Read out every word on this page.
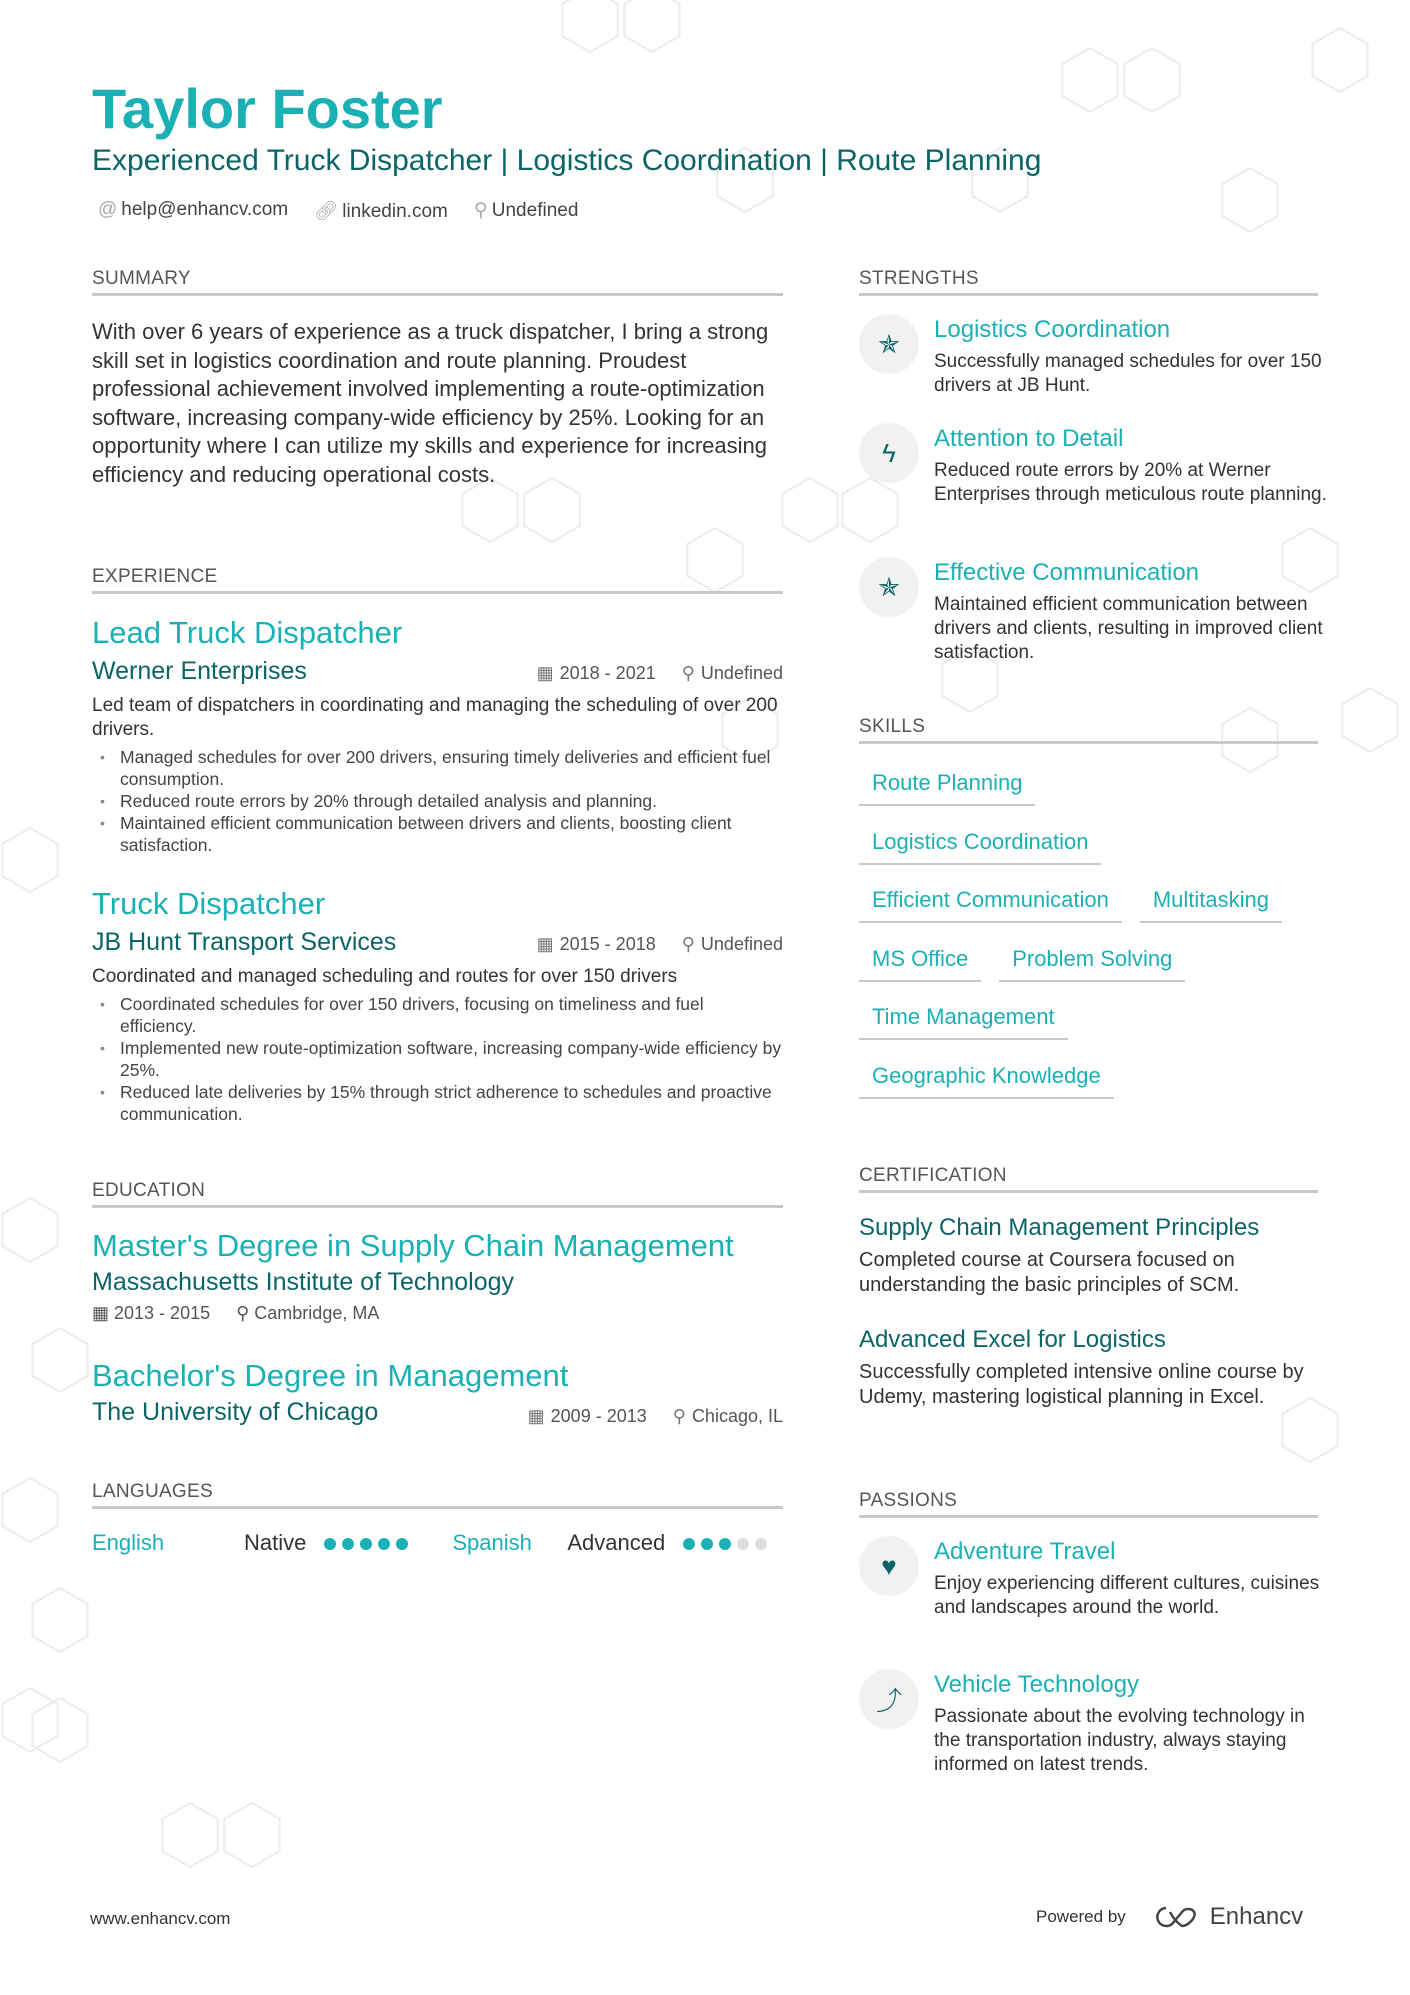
Taylor Foster
Experienced Truck Dispatcher | Logistics Coordination | Route Planning
@ help@enhancv.com 🔗︎ linkedin.com ⚲ Undefined
SUMMARY
With over 6 years of experience as a truck dispatcher, I bring a strong skill set in logistics coordination and route planning. Proudest professional achievement involved implementing a route-optimization software, increasing company-wide efficiency by 25%. Looking for an opportunity where I can utilize my skills and experience for increasing efficiency and reducing operational costs.
EXPERIENCE
Lead Truck Dispatcher
Werner Enterprises	▦ 2018 - 2021 ⚲ Undefined
Led team of dispatchers in coordinating and managing the scheduling of over 200 drivers.
• Managed schedules for over 200 drivers, ensuring timely deliveries and efficient fuel consumption.
• Reduced route errors by 20% through detailed analysis and planning.
• Maintained efficient communication between drivers and clients, boosting client satisfaction.
Truck Dispatcher
JB Hunt Transport Services	▦ 2015 - 2018 ⚲ Undefined
Coordinated and managed scheduling and routes for over 150 drivers
• Coordinated schedules for over 150 drivers, focusing on timeliness and fuel efficiency.
• Implemented new route-optimization software, increasing company-wide efficiency by 25%.
• Reduced late deliveries by 15% through strict adherence to schedules and proactive communication.
EDUCATION
Master's Degree in Supply Chain Management
Massachusetts Institute of Technology
▦ 2013 - 2015 ⚲ Cambridge, MA
Bachelor's Degree in Management
The University of Chicago	▦ 2009 - 2013 ⚲ Chicago, IL
LANGUAGES
English	Native	Spanish	Advanced
STRENGTHS
✯	Logistics Coordination
Successfully managed schedules for over 150 drivers at JB Hunt.
ϟ	Attention to Detail
Reduced route errors by 20% at Werner Enterprises through meticulous route planning.
✯	Effective Communication
Maintained efficient communication between drivers and clients, resulting in improved client satisfaction.
SKILLS
Route Planning
Logistics Coordination
Efficient Communication	Multitasking
MS Office	Problem Solving
Time Management
Geographic Knowledge
CERTIFICATION
Supply Chain Management Principles
Completed course at Coursera focused on understanding the basic principles of SCM.
Advanced Excel for Logistics
Successfully completed intensive online course by Udemy, mastering logistical planning in Excel.
PASSIONS
♥	Adventure Travel
Enjoy experiencing different cultures, cuisines and landscapes around the world.
⤴
Vehicle Technology
Passionate about the evolving technology in the transportation industry, always staying informed on latest trends.
www.enhancv.com	Powered by	Enhancv
